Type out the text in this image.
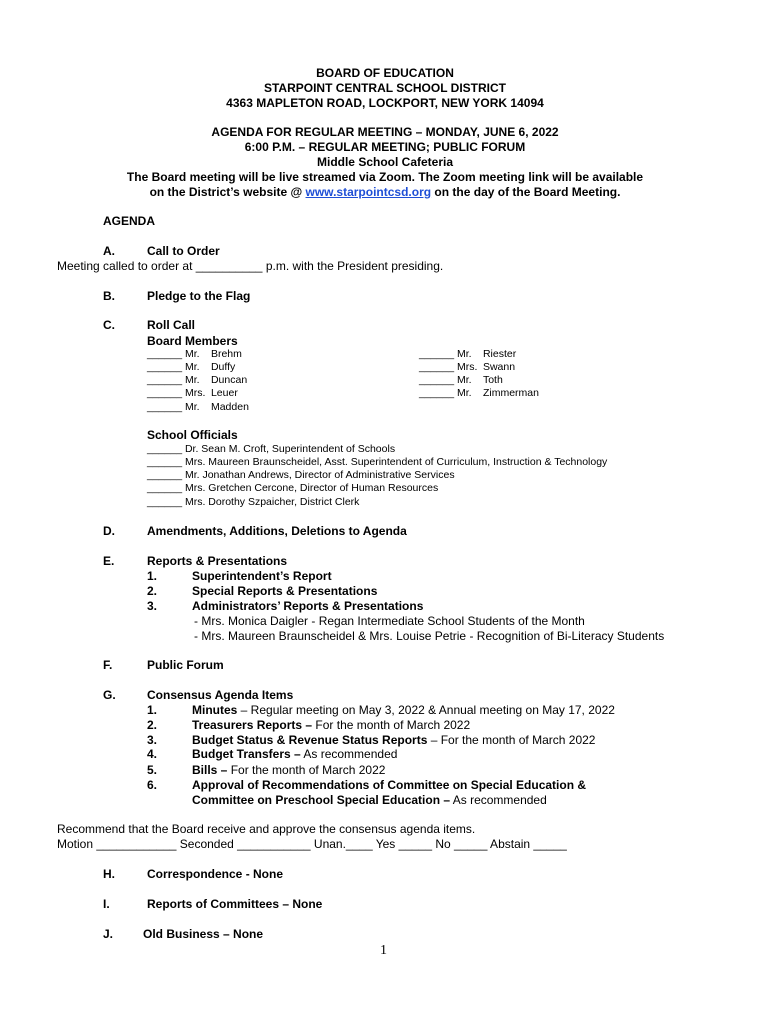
BOARD OF EDUCATION
STARPOINT CENTRAL SCHOOL DISTRICT
4363 MAPLETON ROAD, LOCKPORT, NEW YORK 14094
AGENDA FOR REGULAR MEETING – MONDAY, JUNE 6, 2022
6:00 P.M. – REGULAR MEETING; PUBLIC FORUM
Middle School Cafeteria
The Board meeting will be live streamed via Zoom. The Zoom meeting link will be available
on the District’s website @ www.starpointcsd.org on the day of the Board Meeting.
AGENDA
A.	Call to Order
Meeting called to order at __________ p.m. with the President presiding.
B.	Pledge to the Flag
C.	Roll Call
Board Members
______ Mr. Brehm
______ Mr. Duffy
______ Mr. Duncan
______ Mrs. Leuer
______ Mr. Madden
______ Mr. Riester
______ Mrs. Swann
______ Mr. Toth
______ Mr. Zimmerman
School Officials
______ Dr. Sean M. Croft, Superintendent of Schools
______ Mrs. Maureen Braunscheidel, Asst. Superintendent of Curriculum, Instruction & Technology
______ Mr. Jonathan Andrews, Director of Administrative Services
______ Mrs. Gretchen Cercone, Director of Human Resources
______ Mrs. Dorothy Szpaicher, District Clerk
D.	Amendments, Additions, Deletions to Agenda
E.	Reports & Presentations
1.	Superintendent’s Report
2.	Special Reports & Presentations
3.	Administrators’ Reports & Presentations
- Mrs. Monica Daigler - Regan Intermediate School Students of the Month
- Mrs. Maureen Braunscheidel & Mrs. Louise Petrie - Recognition of Bi-Literacy Students
F.	Public Forum
G.	Consensus Agenda Items
1.	Minutes – Regular meeting on May 3, 2022 & Annual meeting on May 17, 2022
2.	Treasurers Reports – For the month of March 2022
3.	Budget Status & Revenue Status Reports – For the month of March 2022
4.	Budget Transfers – As recommended
5.	Bills – For the month of March 2022
6.	Approval of Recommendations of Committee on Special Education &
Committee on Preschool Special Education – As recommended
Recommend that the Board receive and approve the consensus agenda items.
Motion ____________ Seconded ___________ Unan.____ Yes _____ No _____ Abstain _____
H.	Correspondence - None
I.	Reports of Committees – None
J. Old Business – None
1
